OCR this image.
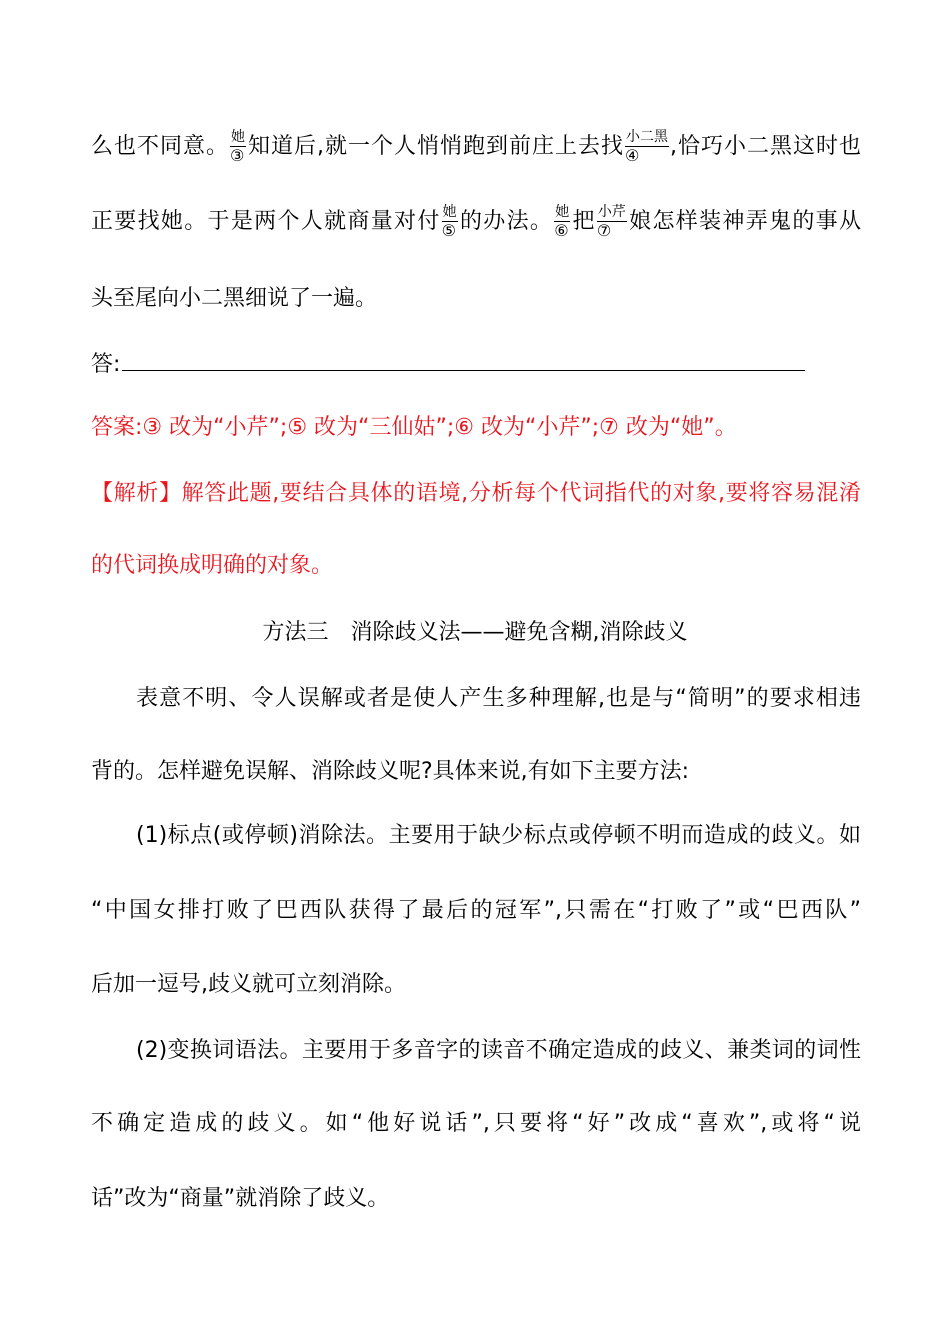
么也不同意。 $\frac{\text{她}}{\text{③}}$ 知道后,就一个人悄悄跑到前庄上去找 $\frac{\text{小二黑}}{\text{④}}$ ,恰巧小二黑这时也
正要找她。于是两个人就商量对付 $\frac{\text{她}}{\text{⑤}}$ 的办法。 $\frac{\text{她}}{\text{⑥}}$ 把 $\frac{\text{小芹}}{\text{⑦}}$ 娘怎样装神弄鬼的事从
头至尾向小二黑细说了一遍。
答:
答案:③ 改为“小芹”;⑤ 改为“三仙姑”;⑥ 改为“小芹”;⑦ 改为“她”。
【解析】解答此题,要结合具体的语境,分析每个代词指代的对象,要将容易混淆
的代词换成明确的对象。
方法三　消除歧义法——避免含糊,消除歧义
表意不明、令人误解或者是使人产生多种理解,也是与“简明”的要求相违
背的。怎样避免误解、消除歧义呢?具体来说,有如下主要方法:
(1)标点(或停顿)消除法。主要用于缺少标点或停顿不明而造成的歧义。如
“中国女排打败了巴西队获得了最后的冠军”,只需在“打败了”或“巴西队”
后加一逗号,歧义就可立刻消除。
(2)变换词语法。主要用于多音字的读音不确定造成的歧义、兼类词的词性
不确定造成的歧义。如“他好说话”,只要将“好”改成“喜欢”,或将“说
话”改为“商量”就消除了歧义。
